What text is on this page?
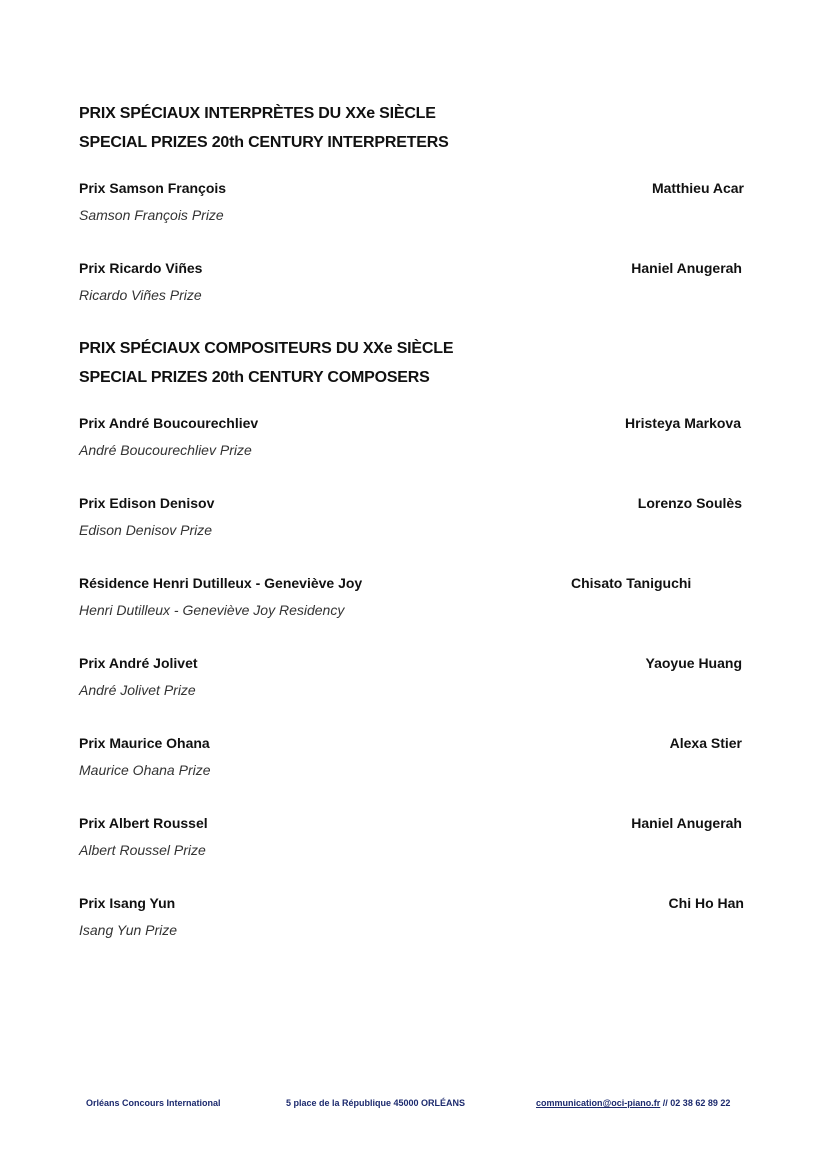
PRIX SPÉCIAUX INTERPRÈTES DU XXe SIÈCLE
SPECIAL PRIZES 20th CENTURY INTERPRETERS
Prix Samson François
Samson François Prize
Matthieu Acar
Prix Ricardo Viñes
Ricardo Viñes Prize
Haniel Anugerah
PRIX SPÉCIAUX COMPOSITEURS DU XXe SIÈCLE
SPECIAL PRIZES 20th CENTURY COMPOSERS
Prix André Boucourechliev
André Boucourechliev Prize
Hristeya Markova
Prix Edison Denisov
Edison Denisov Prize
Lorenzo Soulès
Résidence Henri Dutilleux - Geneviève Joy
Henri Dutilleux - Geneviève Joy Residency
Chisato Taniguchi
Prix André Jolivet
André Jolivet Prize
Yaoyue Huang
Prix Maurice Ohana
Maurice Ohana Prize
Alexa Stier
Prix Albert Roussel
Albert Roussel Prize
Haniel Anugerah
Prix Isang Yun
Isang Yun Prize
Chi Ho Han
Orléans Concours International	5 place de la République 45000 ORLÉANS	communication@oci-piano.fr // 02 38 62 89 22
